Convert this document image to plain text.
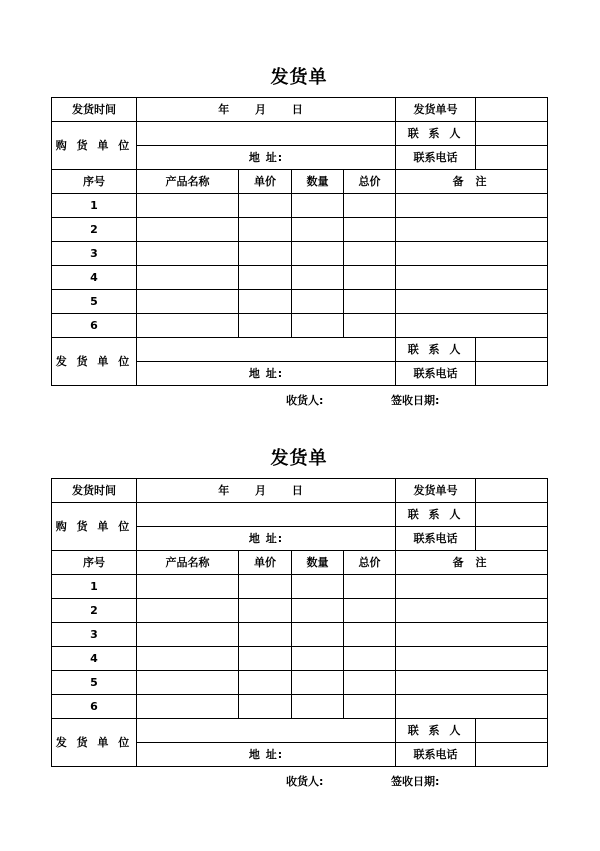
发货单
发货时间	年 月 日				发货单号	
购 货 单 位					联 系 人	
	地 址:				联系电话	
序号	产品名称	单价	数量	总价	备 注	
1						
2						
3						
4						
5						
6						
发 货 单 位					联 系 人	
	地 址:				联系电话	
收货人:	签收日期:
发货单
发货时间	年 月 日				发货单号	
购 货 单 位					联 系 人	
	地 址:				联系电话	
序号	产品名称	单价	数量	总价	备 注	
1						
2						
3						
4						
5						
6						
发 货 单 位					联 系 人	
	地 址:				联系电话	
收货人:	签收日期:
